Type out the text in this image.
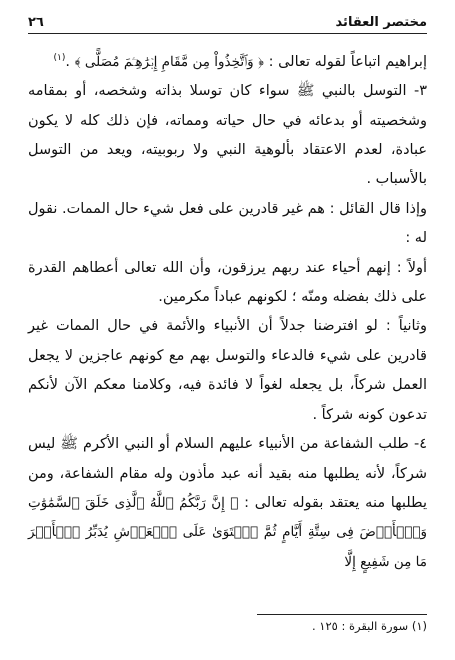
مختصر العقائد
٢٦

إبراهيم اتباعاً لقوله تعالى : ﴿ وَٱتَّخِذُواْ مِن مَّقَامِ إِبۡرَٰهِـۧمَ مُصَلًّى ﴾ .$^{(١)}$

٣- التوسل بالنبي ﷺ سواء كان توسلا بذاته وشخصه، أو بمقامه وشخصيته أو بدعائه في حال حياته ومماته، فإن ذلك كله لا يكون عبادة، لعدم الاعتقاد بألوهية النبي ولا ربوبيته، ويعد من التوسل بالأسباب .

وإذا قال القائل : هم غير قادرين على فعل شيء حال الممات. نقول له :

أولاً : إنهم أحياء عند ربهم يرزقون، وأن الله تعالى أعطاهم القدرة على ذلك بفضله ومنّه ؛ لكونهم عباداً مكرمين.

وثانياً : لو افترضنا جدلاً أن الأنبياء والأئمة في حال الممات غير قادرين على شيء فالدعاء والتوسل بهم مع كونهم عاجزين لا يجعل العمل شركاً، بل يجعله لغواً لا فائدة فيه، وكلامنا معكم الآن لأنكم تدعون كونه شركاً .

٤- طلب الشفاعة من الأنبياء عليهم السلام أو النبي الأكرم ﷺ ليس شركاً، لأنه يطلبها منه بقيد أنه عبد مأذون وله مقام الشفاعة، ومن يطلبها منه يعتقد بقوله تعالى : ﴿ إِنَّ رَبَّكُمُ ٱللَّهُ ٱلَّذِى خَلَقَ ٱلسَّمَٰوَٰتِ وَٱلۡأَرۡضَ فِى سِتَّةِ أَيَّامٍ ثُمَّ ٱسۡتَوَىٰ عَلَى ٱلۡعَرۡشِ يُدَبِّرُ ٱلۡأَمۡرَ مَا مِن شَفِيعٍ إِلَّا

(١) سورة البقرة : ١٢٥ .
